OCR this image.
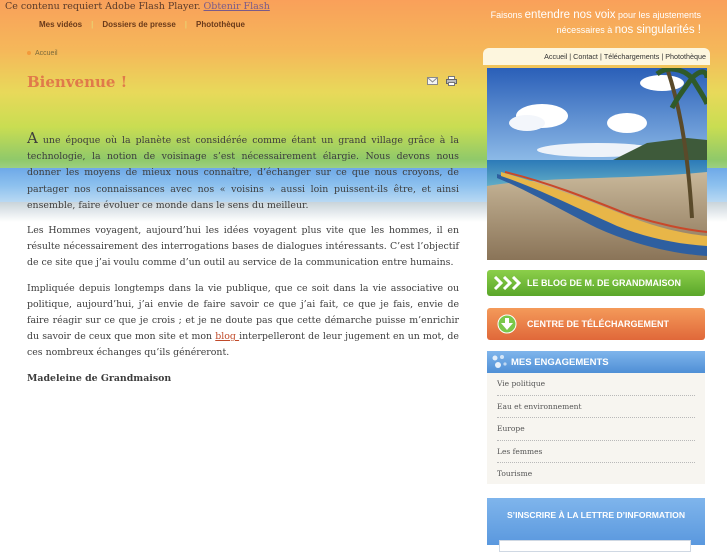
Ce contenu requiert Adobe Flash Player. Obtenir Flash
Mes vidéos	|	Dossiers de presse	|	Photothèque
Faisons entendre nos voix pour les ajustements
nécessaires à nos singularités !
Accueil
Bienvenue !

A une époque où la planète est considérée comme étant un grand village grâce à la technologie, la notion de voisinage s’est nécessairement élargie. Nous devons nous donner les moyens de mieux nous connaître, d’échanger sur ce que nous croyons, de partager nos connaissances avec nos « voisins » aussi loin puissent-ils être, et ainsi ensemble, faire évoluer ce monde dans le sens du meilleur.

Les Hommes voyagent, aujourd’hui les idées voyagent plus vite que les hommes, il en résulte nécessairement des interrogations bases de dialogues intéressants. C’est l’objectif de ce site que j’ai voulu comme d’un outil au service de la communication entre humains.

Impliquée depuis longtemps dans la vie publique, que ce soit dans la vie associative ou politique, aujourd’hui, j’ai envie de faire savoir ce que j’ai fait, ce que je fais, envie de faire réagir sur ce que je crois ; et je ne doute pas que cette démarche puisse m’enrichir du savoir de ceux que mon site et mon blog interpelleront de leur jugement en un mot, de ces nombreux échanges qu’ils généreront.

Madeleine de Grandmaison

Accueil | Contact | Téléchargements | Photothèque
LE BLOG DE M. DE GRANDMAISON
CENTRE DE TÉLÉCHARGEMENT
MES ENGAGEMENTS
Vie politique
Eau et environnement
Europe
Les femmes
Tourisme
S’INSCRIRE À LA LETTRE D’INFORMATION
